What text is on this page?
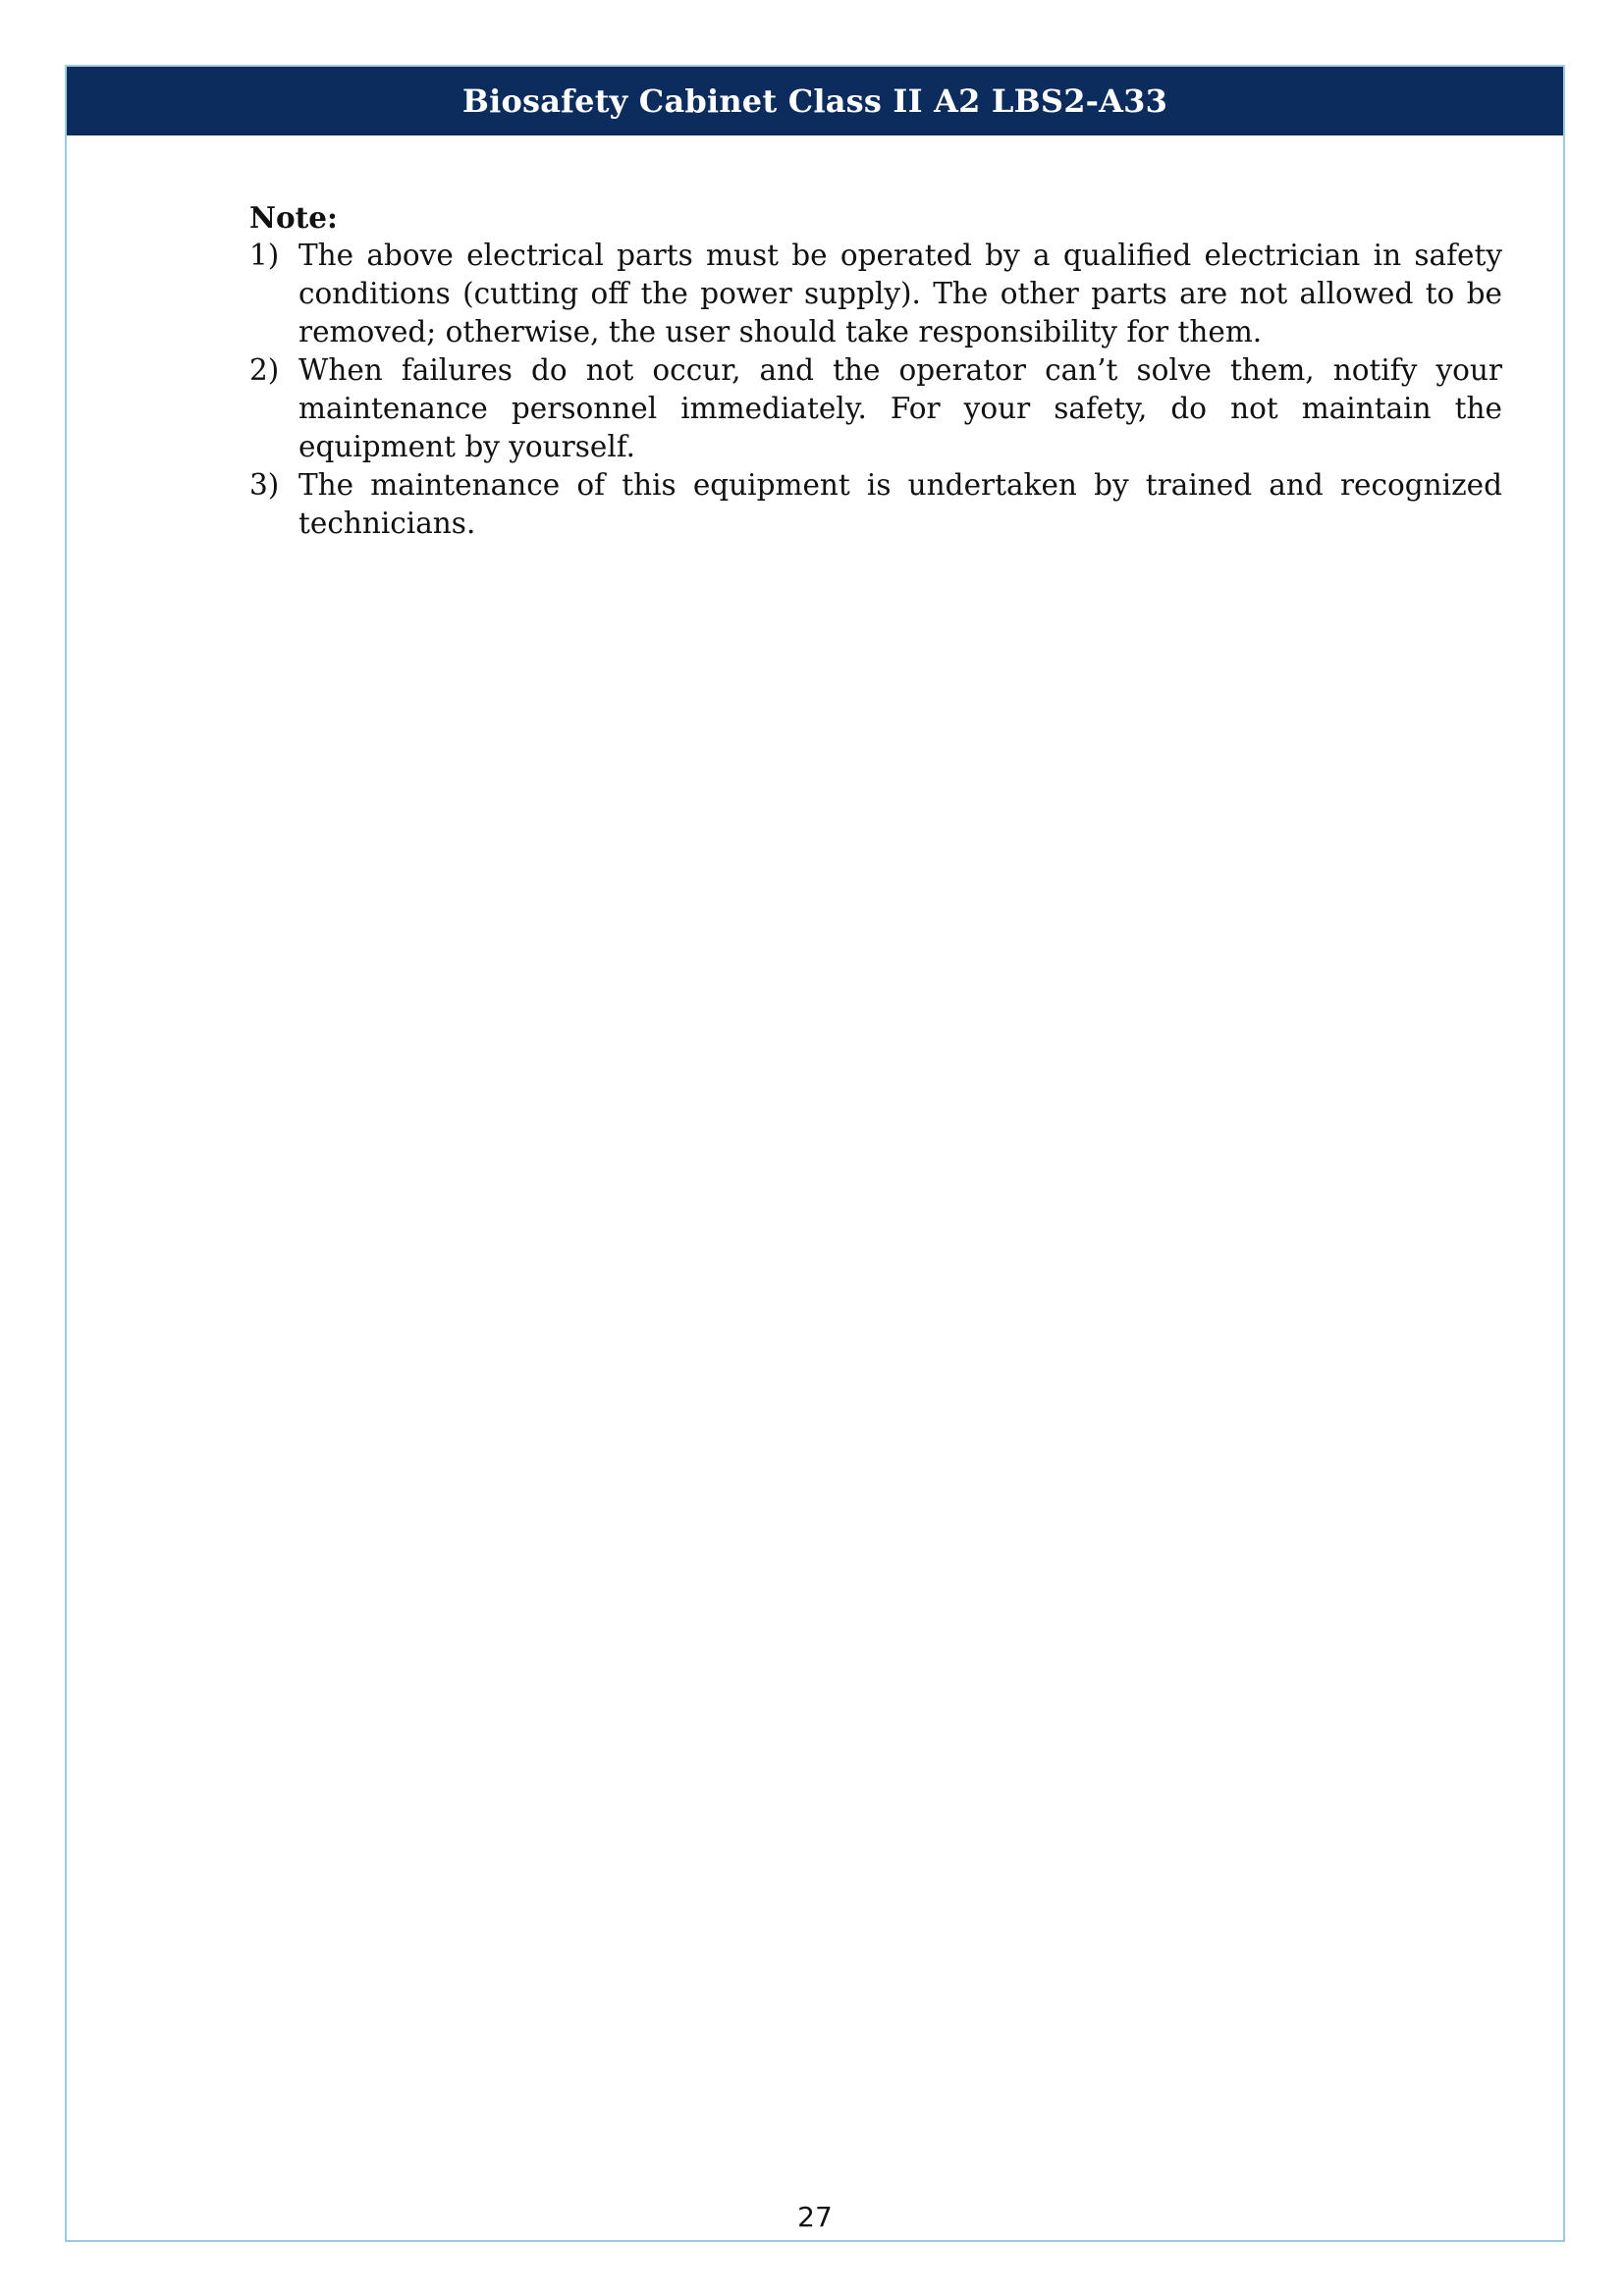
Biosafety Cabinet Class II A2 LBS2-A33

Note:

1) The above electrical parts must be operated by a qualified electrician in safety conditions (cutting off the power supply). The other parts are not allowed to be removed; otherwise, the user should take responsibility for them.
2) When failures do not occur, and the operator can’t solve them, notify your maintenance personnel immediately. For your safety, do not maintain the equipment by yourself.
3) The maintenance of this equipment is undertaken by trained and recognized technicians.
27
